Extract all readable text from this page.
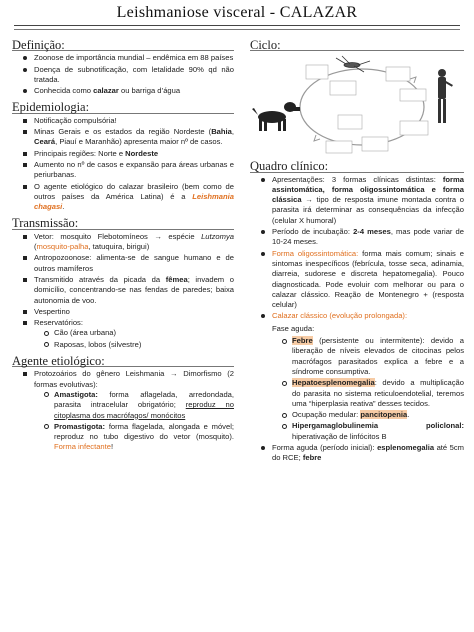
Leishmaniose visceral - CALAZAR
Definição:
Zoonose de importância mundial – endêmica em 88 países
Doença de subnotificação, com letalidade 90% qd não tratada.
Conhecida como calazar ou barriga d’água
Epidemiologia:
Notificação compulsória!
Minas Gerais e os estados da região Nordeste (Bahia, Ceará, Piauí e Maranhão) apresenta maior nº de casos.
Principais regiões: Norte e Nordeste
Aumento no nº de casos e expansão para áreas urbanas e periurbanas.
O agente etiológico do calazar brasileiro (bem como de outros países da América Latina) é a Leishmania chagasi.
Transmissão:
Vetor: mosquito Flebotomíneos → espécie Lutzomya (mosquito-palha, tatuquira, birigui)
Antropozoonose: alimenta-se de sangue humano e de outros mamíferos
Transmitido através da picada da fêmea; invadem o domicílio, concentrando-se nas fendas de paredes; baixa autonomia de voo.
Vespertino
Reservatórios:
Cão (área urbana)
Raposas, lobos (silvestre)
Agente etiológico:
Protozoários do gênero Leishmania → Dimorfismo (2 formas evolutivas):
Amastigota: forma aflagelada, arredondada, parasita intracelular obrigatório; reproduz no citoplasma dos macrófagos/ monócitos
Promastigota: forma flagelada, alongada e móvel; reproduz no tubo digestivo do vetor (mosquito). Forma infectante!
Ciclo:
Quadro clínico:
Apresentações: 3 formas clínicas distintas: forma assintomática, forma oligossintomática e forma clássica → tipo de resposta imune montada contra o parasita irá determinar as consequências da infecção (celular X humoral)
Período de incubação: 2-4 meses, mas pode variar de 10-24 meses.
Forma oligossintomática: forma mais comum; sinais e sintomas inespecíficos (febrícula, tosse seca, adinamia, diarreia, sudorese e discreta hepatomegalia). Pouco diagnosticada. Pode evoluir com melhorar ou para o calazar clássico. Reação de Montenegro + (resposta celular)
Calazar clássico (evolução prolongada):
Fase aguda:
Febre (persistente ou intermitente): devido a liberação de níveis elevados de citocinas pelos macrófagos parasitados explica a febre e a síndrome consumptiva.
Hepatoesplenomegalia: devido a multiplicação do parasita no sistema reticuloendotelial, teremos uma “hiperplasia reativa” desses tecidos.
Ocupação medular: pancitopenia.
Hipergamaglobulinemia policlonal: hiperativação de linfócitos B
Forma aguda (período inicial): esplenomegalia até 5cm do RCE; febre
